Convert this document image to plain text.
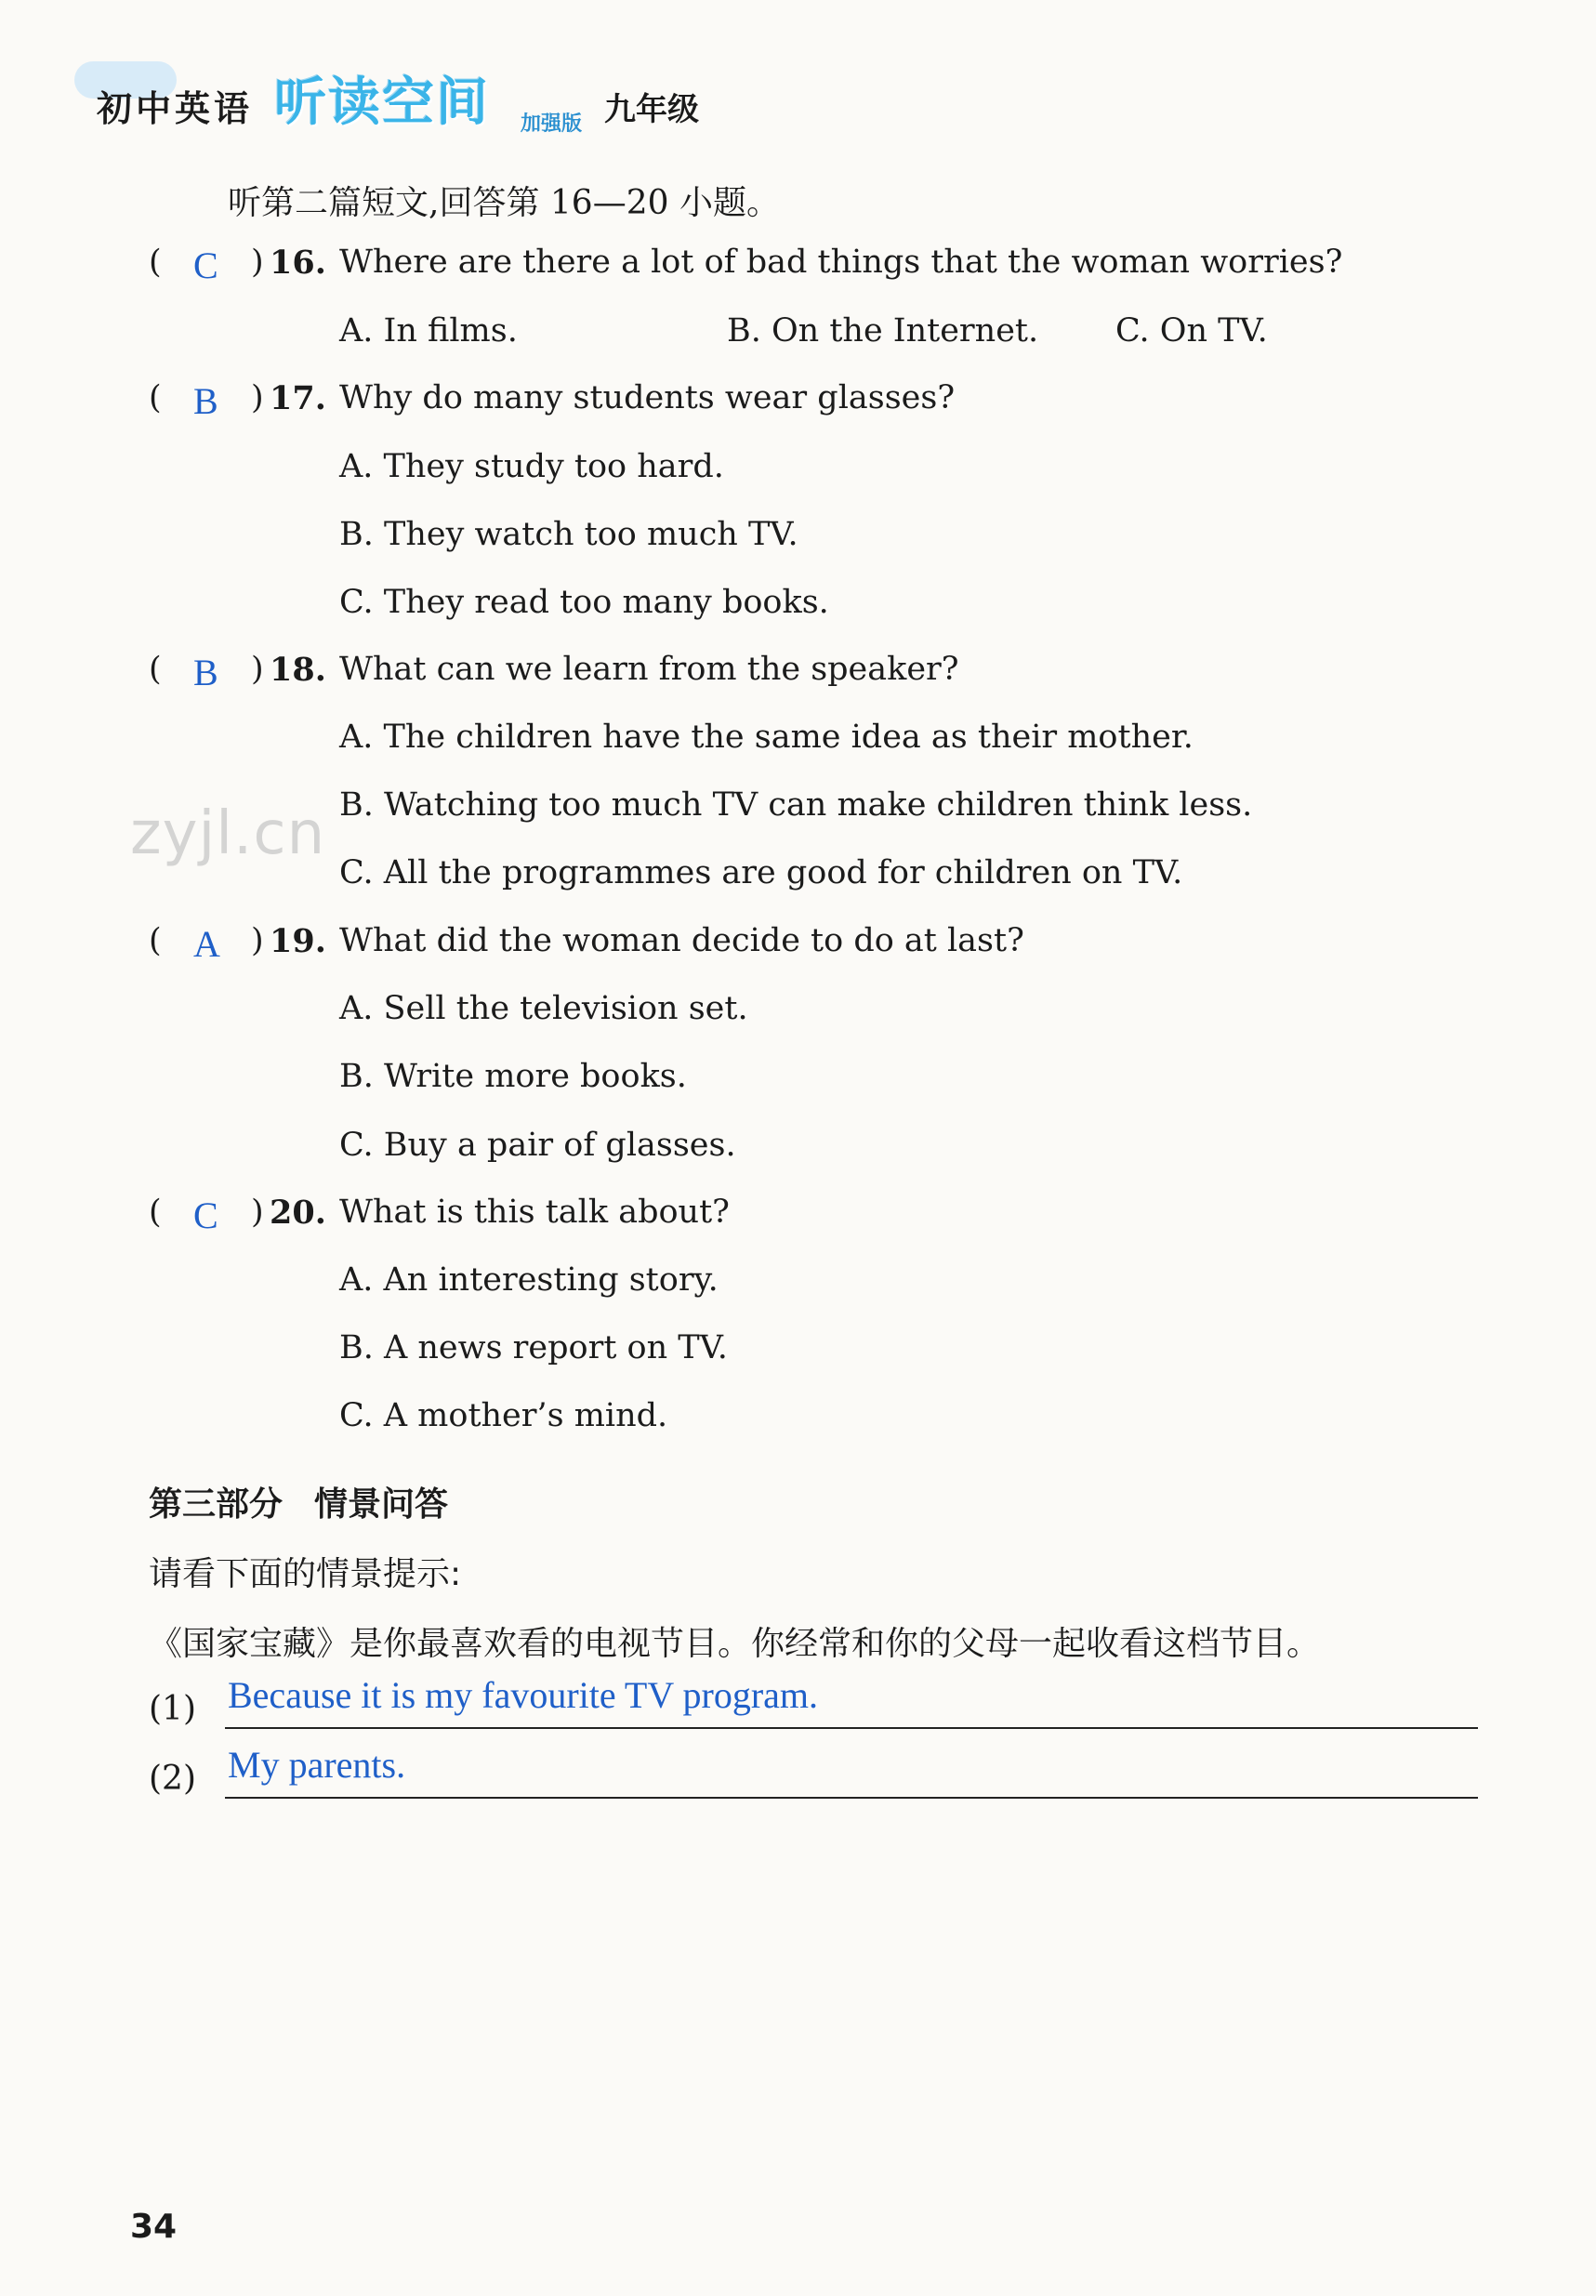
初中英语 听读空间 加强版 九年级
听第二篇短文,回答第 16—20 小题。
( C ) 16. Where are there a lot of bad things that the woman worries?
A. In films.	B. On the Internet. C. On TV.
( B ) 17. Why do many students wear glasses?
A. They study too hard.
B. They watch too much TV.
C. They read too many books.
( B ) 18. What can we learn from the speaker?
A. The children have the same idea as their mother.
B. Watching too much TV can make children think less.
C. All the programmes are good for children on TV.
zyjl.cn
( A ) 19. What did the woman decide to do at last?
A. Sell the television set.
B. Write more books.
C. Buy a pair of glasses.
( C ) 20. What is this talk about?
A. An interesting story.
B. A news report on TV.
C. A mother’s mind.
第三部分 情景问答
请看下面的情景提示:
《国家宝藏》是你最喜欢看的电视节目。你经常和你的父母一起收看这档节目。
(1) Because it is my favourite TV program.
(2) My parents.
34
